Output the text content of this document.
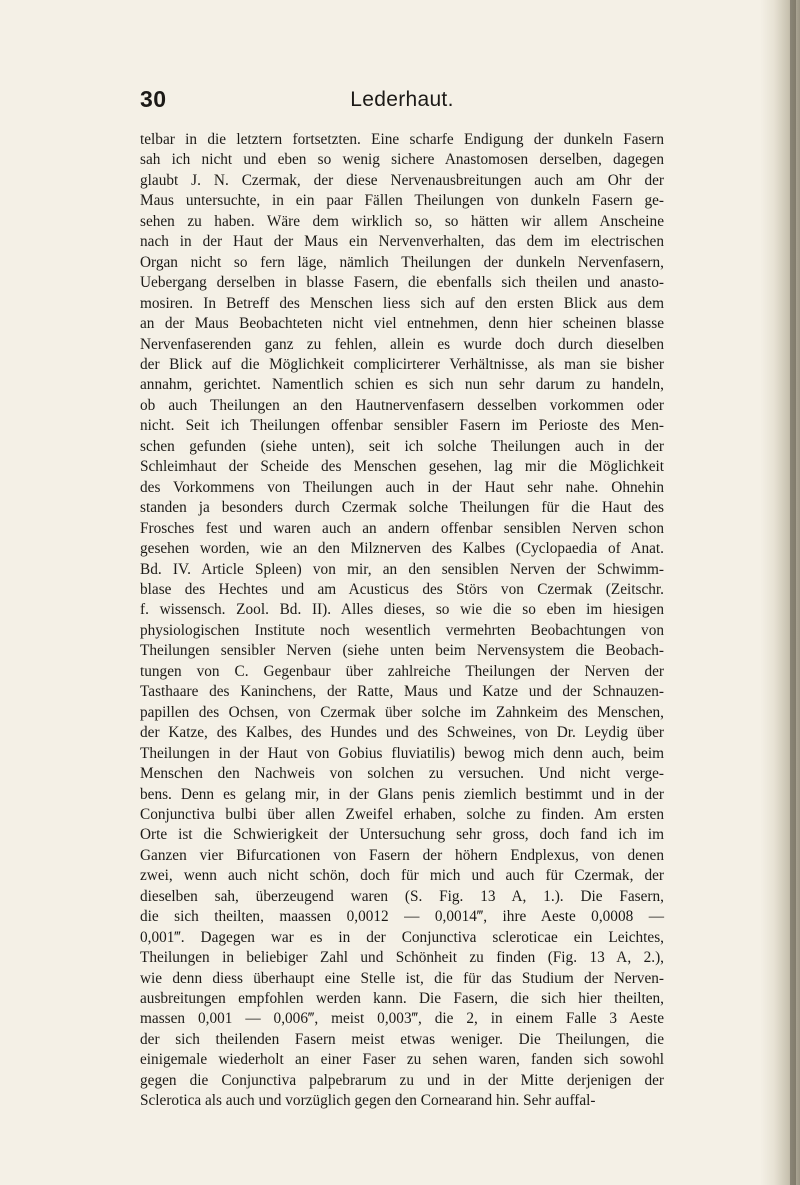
30	Lederhaut.
telbar in die letztern fortsetzten. Eine scharfe Endigung der dunkeln Fasern
sah ich nicht und eben so wenig sichere Anastomosen derselben, dagegen
glaubt J. N. Czermak, der diese Nervenausbreitungen auch am Ohr der
Maus untersuchte, in ein paar Fällen Theilungen von dunkeln Fasern ge-
sehen zu haben. Wäre dem wirklich so, so hätten wir allem Anscheine
nach in der Haut der Maus ein Nervenverhalten, das dem im electrischen
Organ nicht so fern läge, nämlich Theilungen der dunkeln Nervenfasern,
Uebergang derselben in blasse Fasern, die ebenfalls sich theilen und anasto-
mosiren. In Betreff des Menschen liess sich auf den ersten Blick aus dem
an der Maus Beobachteten nicht viel entnehmen, denn hier scheinen blasse
Nervenfaserenden ganz zu fehlen, allein es wurde doch durch dieselben
der Blick auf die Möglichkeit complicirterer Verhältnisse, als man sie bisher
annahm, gerichtet. Namentlich schien es sich nun sehr darum zu handeln,
ob auch Theilungen an den Hautnervenfasern desselben vorkommen oder
nicht. Seit ich Theilungen offenbar sensibler Fasern im Perioste des Men-
schen gefunden (siehe unten), seit ich solche Theilungen auch in der
Schleimhaut der Scheide des Menschen gesehen, lag mir die Möglichkeit
des Vorkommens von Theilungen auch in der Haut sehr nahe. Ohnehin
standen ja besonders durch Czermak solche Theilungen für die Haut des
Frosches fest und waren auch an andern offenbar sensiblen Nerven schon
gesehen worden, wie an den Milznerven des Kalbes (Cyclopaedia of Anat.
Bd. IV. Article Spleen) von mir, an den sensiblen Nerven der Schwimm-
blase des Hechtes und am Acusticus des Störs von Czermak (Zeitschr.
f. wissensch. Zool. Bd. II). Alles dieses, so wie die so eben im hiesigen
physiologischen Institute noch wesentlich vermehrten Beobachtungen von
Theilungen sensibler Nerven (siehe unten beim Nervensystem die Beobach-
tungen von C. Gegenbaur über zahlreiche Theilungen der Nerven der
Tasthaare des Kaninchens, der Ratte, Maus und Katze und der Schnauzen-
papillen des Ochsen, von Czermak über solche im Zahnkeim des Menschen,
der Katze, des Kalbes, des Hundes und des Schweines, von Dr. Leydig über
Theilungen in der Haut von Gobius fluviatilis) bewog mich denn auch, beim
Menschen den Nachweis von solchen zu versuchen. Und nicht verge-
bens. Denn es gelang mir, in der Glans penis ziemlich bestimmt und in der
Conjunctiva bulbi über allen Zweifel erhaben, solche zu finden. Am ersten
Orte ist die Schwierigkeit der Untersuchung sehr gross, doch fand ich im
Ganzen vier Bifurcationen von Fasern der höhern Endplexus, von denen
zwei, wenn auch nicht schön, doch für mich und auch für Czermak, der
dieselben sah, überzeugend waren (S. Fig. 13 A, 1.). Die Fasern,
die sich theilten, maassen 0,0012 — 0,0014‴, ihre Aeste 0,0008 —
0,001‴. Dagegen war es in der Conjunctiva scleroticae ein Leichtes,
Theilungen in beliebiger Zahl und Schönheit zu finden (Fig. 13 A, 2.),
wie denn diess überhaupt eine Stelle ist, die für das Studium der Nerven-
ausbreitungen empfohlen werden kann. Die Fasern, die sich hier theilten,
massen 0,001 — 0,006‴, meist 0,003‴, die 2, in einem Falle 3 Aeste
der sich theilenden Fasern meist etwas weniger. Die Theilungen, die
einigemale wiederholt an einer Faser zu sehen waren, fanden sich sowohl
gegen die Conjunctiva palpebrarum zu und in der Mitte derjenigen der
Sclerotica als auch und vorzüglich gegen den Cornearand hin. Sehr auffal-
